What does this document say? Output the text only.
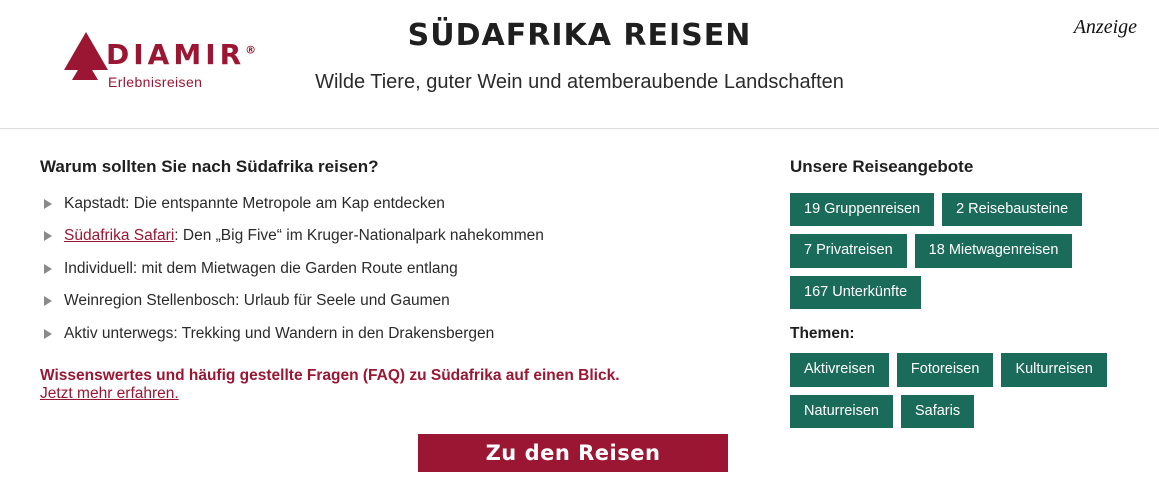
DIAMIR®
Erlebnisreisen
SÜDAFRIKA REISEN

Wilde Tiere, guter Wein und atemberaubende Landschaften

Anzeige
Warum sollten Sie nach Südafrika reisen?
Kapstadt: Die entspannte Metropole am Kap entdecken
Südafrika Safari: Den „Big Five“ im Kruger-Nationalpark nahekommen
Individuell: mit dem Mietwagen die Garden Route entlang
Weinregion Stellenbosch: Urlaub für Seele und Gaumen
Aktiv unterwegs: Trekking und Wandern in den Drakensbergen
Wissenswertes und häufig gestellte Fragen (FAQ) zu Südafrika auf einen Blick.
Jetzt mehr erfahren.
Zu den Reisen
Unsere Reiseangebote
19 Gruppenreisen	2 Reisebausteine
7 Privatreisen	18 Mietwagenreisen
167 Unterkünfte
Themen:
Aktivreisen	Fotoreisen	Kulturreisen
Naturreisen	Safaris
